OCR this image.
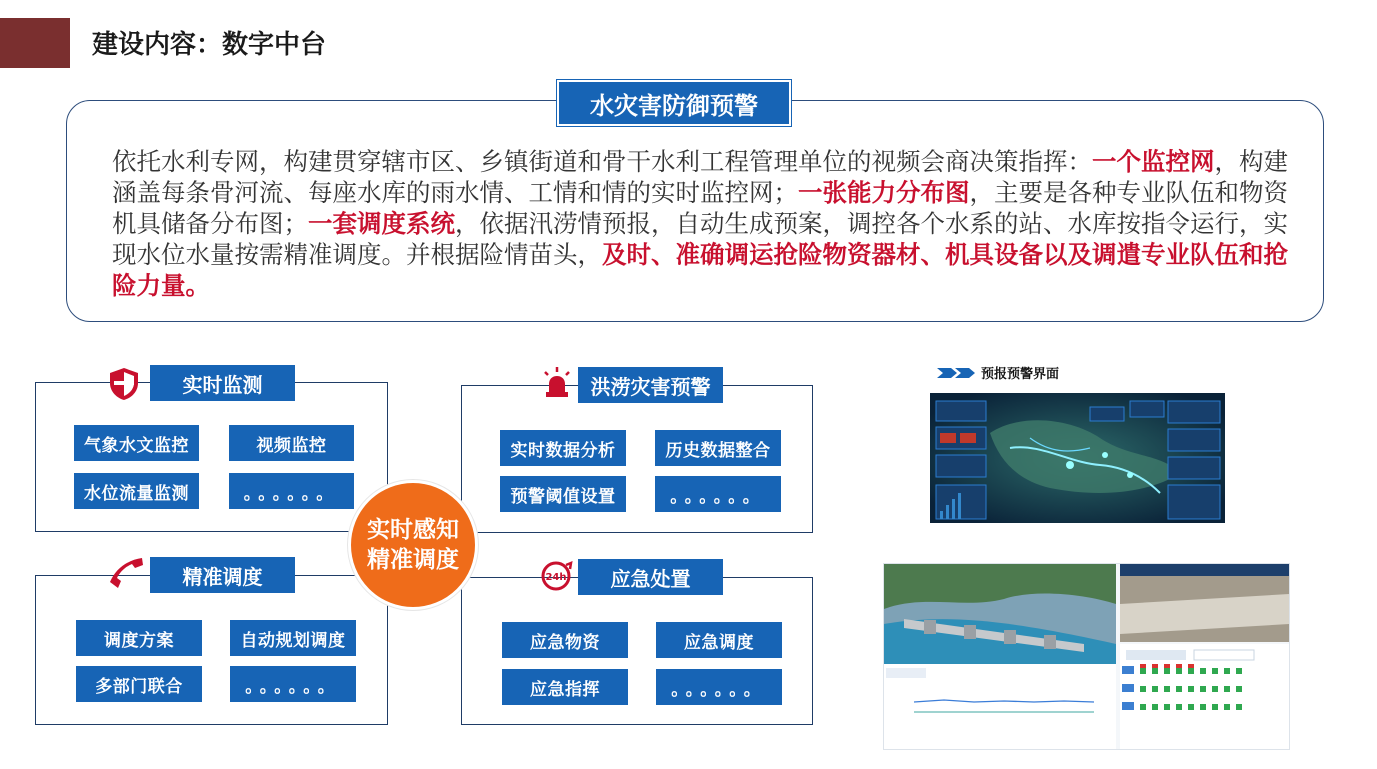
建设内容：数字中台
水灾害防御预警

依托水利专网，构建贯穿辖市区、乡镇街道和骨干水利工程管理单位的视频会商决策指挥：一个监控网，构建涵盖每条骨河流、每座水库的雨水情、工情和情的实时监控网；一张能力分布图，主要是各种专业队伍和物资机具储备分布图；一套调度系统，依据汛涝情预报，自动生成预案，调控各个水系的站、水库按指令运行，实现水位水量按需精准调度。并根据险情苗头，及时、准确调运抢险物资器材、机具设备以及调遣专业队伍和抢险力量。

实时监测
气象水文监控	视频监控
水位流量监测	。。。。。。
洪涝灾害预警
实时数据分析	历史数据整合
预警阈值设置	。。。。。。
精准调度
调度方案	自动规划调度
多部门联合	。。。。。。
24h	应急处置
应急物资	应急调度
应急指挥	。。。。。。
实时感知
精准调度
预报预警界面
